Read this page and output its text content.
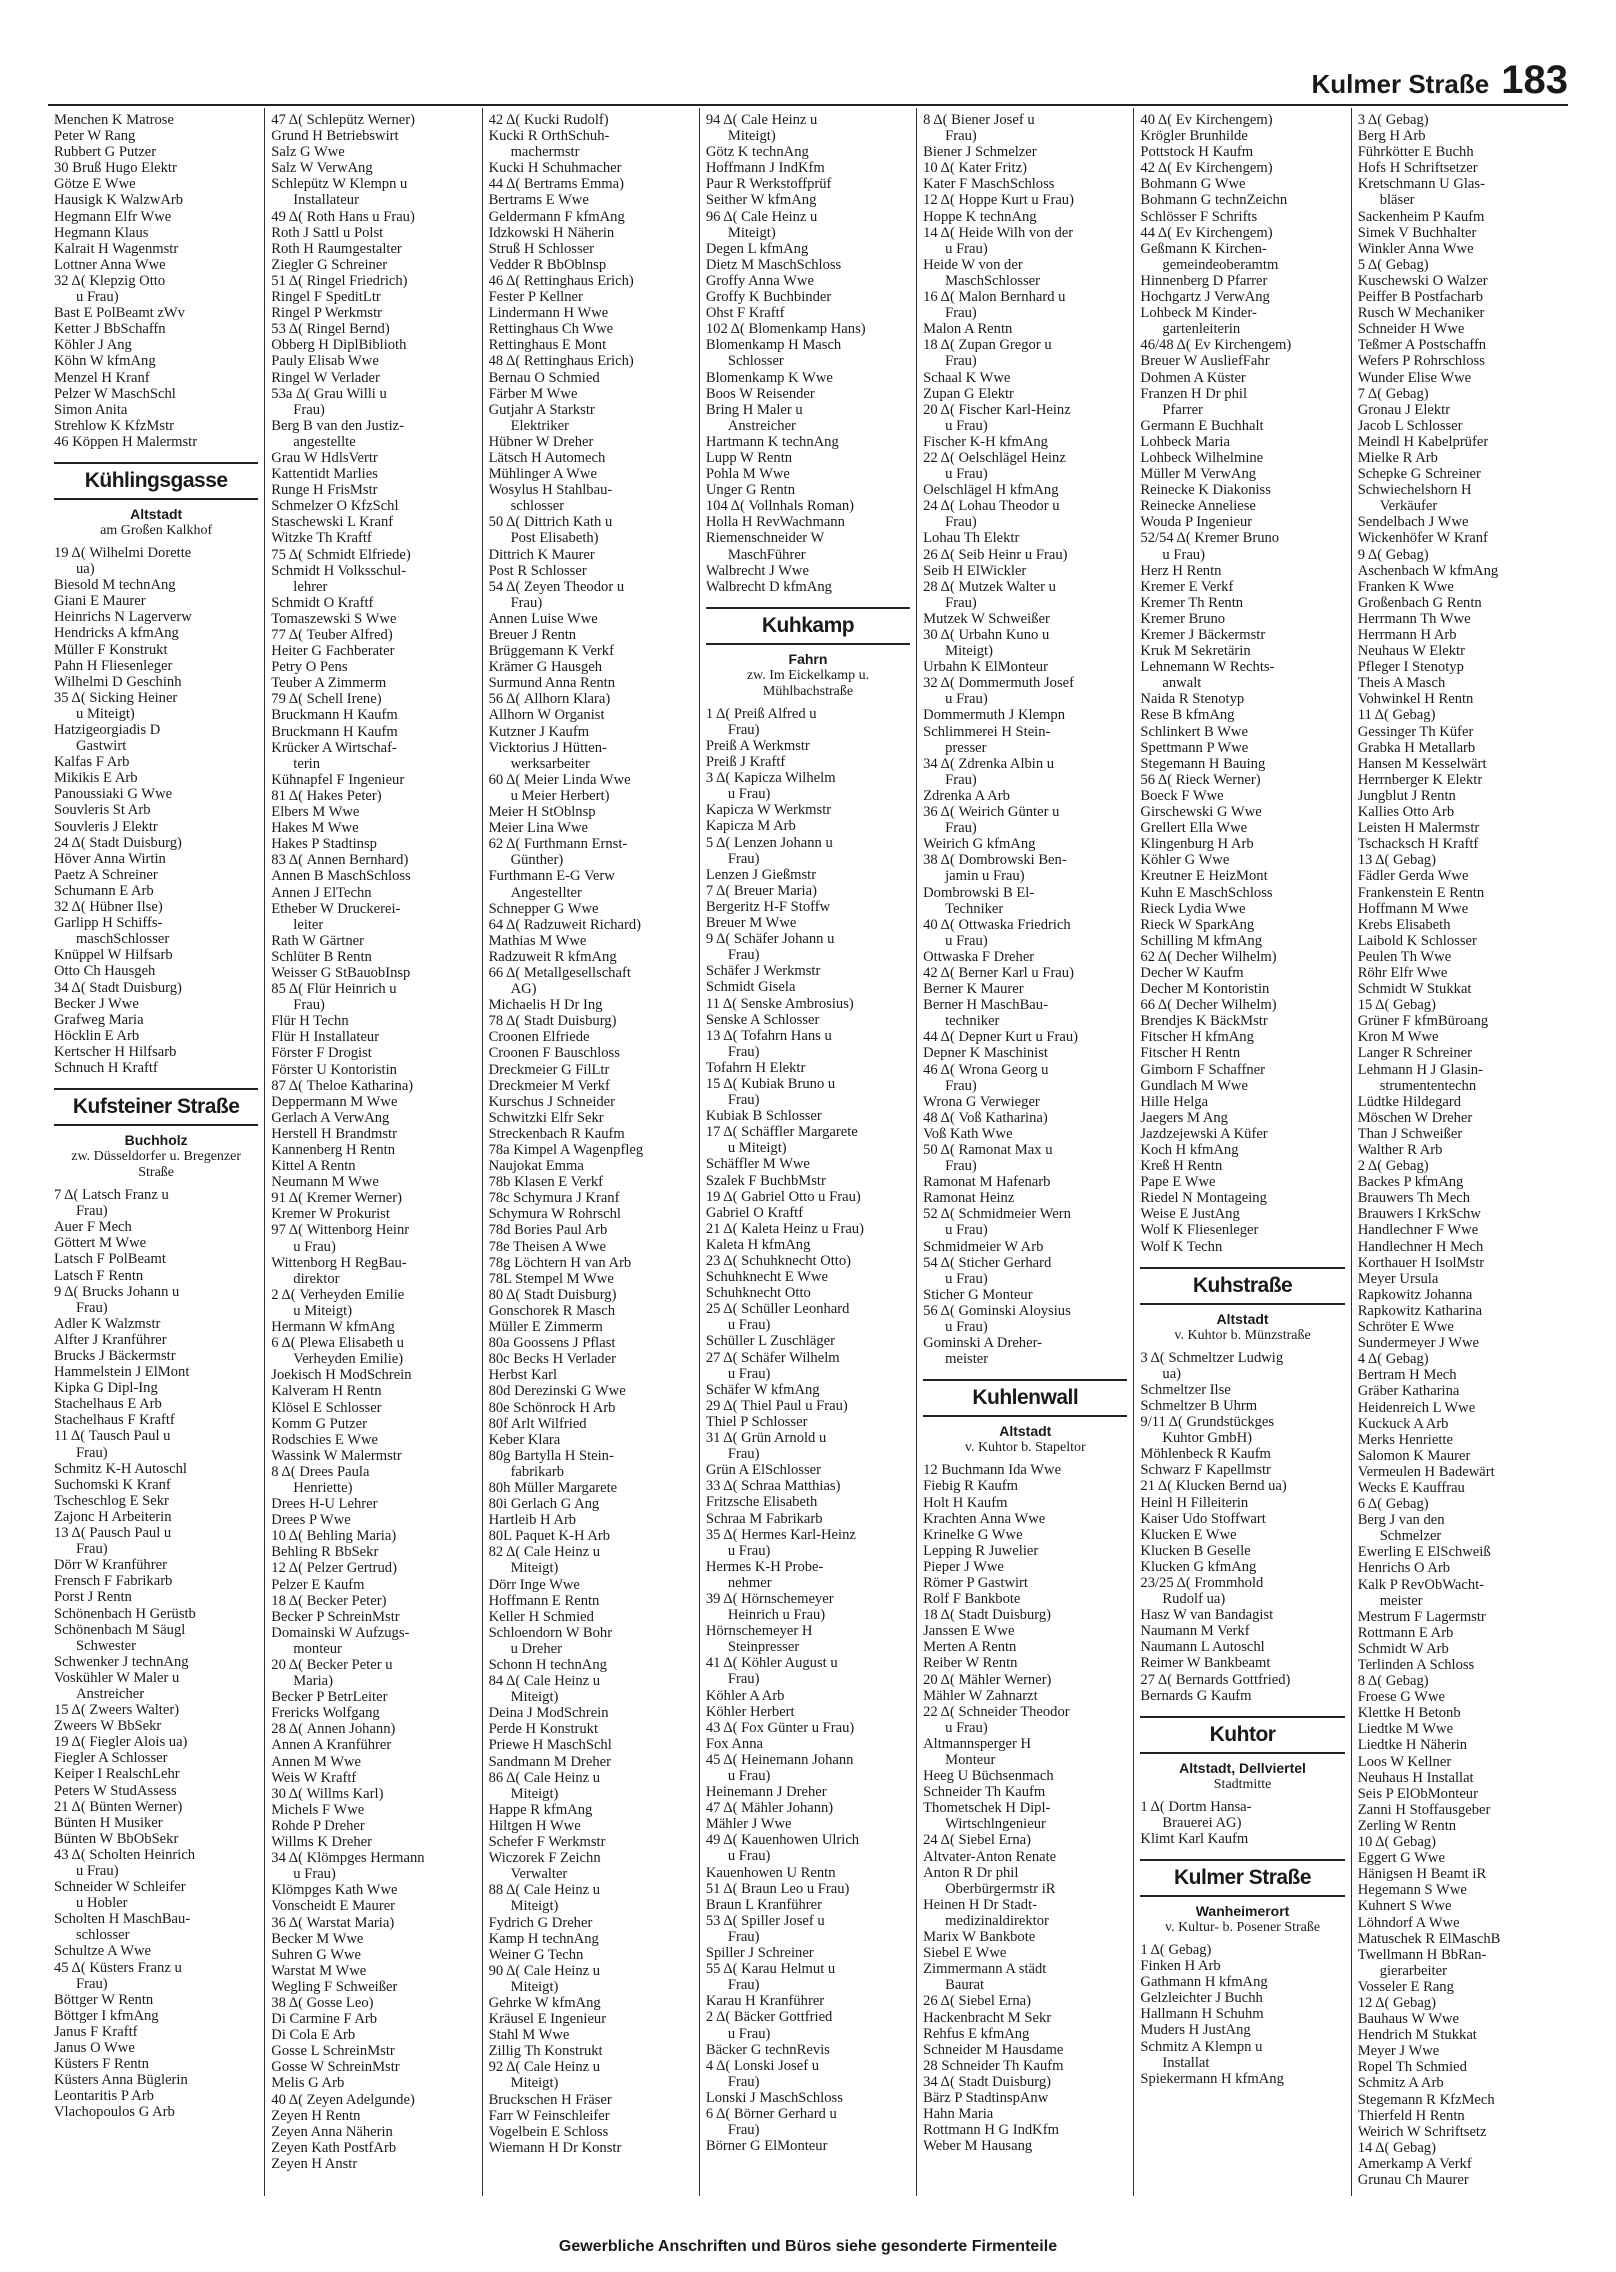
Kulmer Straße 183
Menchen K Matrose
Peter W Rang
Rubbert G Putzer
30 Bruß Hugo Elektr
Götze E Wwe
Hausigk K WalzwArb
Hegmann Elfr Wwe
Hegmann Klaus
Kalrait H Wagenmstr
Lottner Anna Wwe
32 Δ( Klepzig Otto
u Frau)
Bast E PolBeamt zWv
Ketter J BbSchaffn
Köhler J Ang
Köhn W kfmAng
Menzel H Kranf
Pelzer W MaschSchl
Simon Anita
Strehlow K KfzMstr
46 Köppen H Malermstr
Kühlingsgasse
Altstadt
am Großen Kalkhof
19 Δ( Wilhelmi Dorette
ua)
Biesold M technAng
Giani E Maurer
Heinrichs N Lagerverw
Hendricks A kfmAng
Müller F Konstrukt
Pahn H Fliesenleger
Wilhelmi D Geschinh
35 Δ( Sicking Heiner
u Miteigt)
Hatzigeorgiadis D
Gastwirt
Kalfas F Arb
Mikikis E Arb
Panoussiaki G Wwe
Souvleris St Arb
Souvleris J Elektr
24 Δ( Stadt Duisburg)
Höver Anna Wirtin
Paetz A Schreiner
Schumann E Arb
32 Δ( Hübner Ilse)
Garlipp H Schiffs-
maschSchlosser
Knüppel W Hilfsarb
Otto Ch Hausgeh
34 Δ( Stadt Duisburg)
Becker J Wwe
Grafweg Maria
Höcklin E Arb
Kertscher H Hilfsarb
Schnuch H Kraftf
Kufsteiner Straße
Buchholz
zw. Düsseldorfer u. Bregenzer Straße
7 Δ( Latsch Franz u
Frau)
Auer F Mech
Göttert M Wwe
Latsch F PolBeamt
Latsch F Rentn
9 Δ( Brucks Johann u
Frau)
Adler K Walzmstr
Alfter J Kranführer
Brucks J Bäckermstr
Hammelstein J ElMont
Kipka G Dipl-Ing
Stachelhaus E Arb
Stachelhaus F Kraftf
11 Δ( Tausch Paul u
Frau)
Schmitz K-H Autoschl
Suchomski K Kranf
Tscheschlog E Sekr
Zajonc H Arbeiterin
13 Δ( Pausch Paul u
Frau)
Dörr W Kranführer
Frensch F Fabrikarb
Porst J Rentn
Schönenbach H Gerüstb
Schönenbach M Säugl
Schwester
Schwenker J technAng
Voskühler W Maler u
Anstreicher
15 Δ( Zweers Walter)
Zweers W BbSekr
19 Δ( Fiegler Alois ua)
Fiegler A Schlosser
Keiper I RealschLehr
Peters W StudAssess
21 Δ( Bünten Werner)
Bünten H Musiker
Bünten W BbObSekr
43 Δ( Scholten Heinrich
u Frau)
Schneider W Schleifer
u Hobler
Scholten H MaschBau-
schlosser
Schultze A Wwe
45 Δ( Küsters Franz u
Frau)
Böttger W Rentn
Böttger I kfmAng
Janus F Kraftf
Janus O Wwe
Küsters F Rentn
Küsters Anna Büglerin
Leontaritis P Arb
Vlachopoulos G Arb
47 Δ( Schlepütz Werner)
Grund H Betriebswirt
Salz G Wwe
Salz W VerwAng
Schlepütz W Klempn u
Installateur
49 Δ( Roth Hans u Frau)
Roth J Sattl u Polst
Roth H Raumgestalter
Ziegler G Schreiner
51 Δ( Ringel Friedrich)
Ringel F SpeditLtr
Ringel P Werkmstr
53 Δ( Ringel Bernd)
Obberg H DiplBiblioth
Pauly Elisab Wwe
Ringel W Verlader
53a Δ( Grau Willi u
Frau)
Berg B van den Justiz-
angestellte
Grau W HdlsVertr
Kattentidt Marlies
Runge H FrisMstr
Schmelzer O KfzSchl
Staschewski L Kranf
Witzke Th Kraftf
75 Δ( Schmidt Elfriede)
Schmidt H Volksschul-
lehrer
Schmidt O Kraftf
Tomaszewski S Wwe
77 Δ( Teuber Alfred)
Heiter G Fachberater
Petry O Pens
Teuber A Zimmerm
79 Δ( Schell Irene)
Bruckmann H Kaufm
Bruckmann H Kaufm
Krücker A Wirtschaf-
terin
Kühnapfel F Ingenieur
81 Δ( Hakes Peter)
Elbers M Wwe
Hakes M Wwe
Hakes P Stadtinsp
83 Δ( Annen Bernhard)
Annen B MaschSchloss
Annen J ElTechn
Etheber W Druckerei-
leiter
Rath W Gärtner
Schlüter B Rentn
Weisser G StBauobInsp
85 Δ( Flür Heinrich u
Frau)
Flür H Techn
Flür H Installateur
Förster F Drogist
Förster U Kontoristin
87 Δ( Theloe Katharina)
Deppermann M Wwe
Gerlach A VerwAng
Herstell H Brandmstr
Kannenberg H Rentn
Kittel A Rentn
Neumann M Wwe
91 Δ( Kremer Werner)
Kremer W Prokurist
97 Δ( Wittenborg Heinr
u Frau)
Wittenborg H RegBau-
direktor
2 Δ( Verheyden Emilie
u Miteigt)
Hermann W kfmAng
6 Δ( Plewa Elisabeth u
Verheyden Emilie)
Joekisch H ModSchrein
Kalveram H Rentn
Klösel E Schlosser
Komm G Putzer
Rodschies E Wwe
Wassink W Malermstr
8 Δ( Drees Paula
Henriette)
Drees H-U Lehrer
Drees P Wwe
10 Δ( Behling Maria)
Behling R BbSekr
12 Δ( Pelzer Gertrud)
Pelzer E Kaufm
18 Δ( Becker Peter)
Becker P SchreinMstr
Domainski W Aufzugs-
monteur
20 Δ( Becker Peter u
Maria)
Becker P BetrLeiter
Frericks Wolfgang
28 Δ( Annen Johann)
Annen A Kranführer
Annen M Wwe
Weis W Kraftf
30 Δ( Willms Karl)
Michels F Wwe
Rohde P Dreher
Willms K Dreher
34 Δ( Klömpges Hermann
u Frau)
Klömpges Kath Wwe
Vonscheidt E Maurer
36 Δ( Warstat Maria)
Becker M Wwe
Suhren G Wwe
Warstat M Wwe
Wegling F Schweißer
38 Δ( Gosse Leo)
Di Carmine F Arb
Di Cola E Arb
Gosse L SchreinMstr
Gosse W SchreinMstr
Melis G Arb
40 Δ( Zeyen Adelgunde)
Zeyen H Rentn
Zeyen Anna Näherin
Zeyen Kath PostfArb
Zeyen H Anstr
42 Δ( Kucki Rudolf)
Kucki R OrthSchuh-
machermstr
Kucki H Schuhmacher
44 Δ( Bertrams Emma)
Bertrams E Wwe
Geldermann F kfmAng
Idzkowski H Näherin
Struß H Schlosser
Vedder R BbOblnsp
46 Δ( Rettinghaus Erich)
Fester P Kellner
Lindermann H Wwe
Rettinghaus Ch Wwe
Rettinghaus E Mont
48 Δ( Rettinghaus Erich)
Bernau O Schmied
Färber M Wwe
Gutjahr A Starkstr
Elektriker
Hübner W Dreher
Lätsch H Automech
Mühlinger A Wwe
Wosylus H Stahlbau-
schlosser
50 Δ( Dittrich Kath u
Post Elisabeth)
Dittrich K Maurer
Post R Schlosser
54 Δ( Zeyen Theodor u
Frau)
Annen Luise Wwe
Breuer J Rentn
Brüggemann K Verkf
Krämer G Hausgeh
Surmund Anna Rentn
56 Δ( Allhorn Klara)
Allhorn W Organist
Kutzner J Kaufm
Vicktorius J Hütten-
werksarbeiter
60 Δ( Meier Linda Wwe
u Meier Herbert)
Meier H StOblnsp
Meier Lina Wwe
62 Δ( Furthmann Ernst-
Günther)
Furthmann E-G Verw
Angestellter
Schnepper G Wwe
64 Δ( Radzuweit Richard)
Mathias M Wwe
Radzuweit R kfmAng
66 Δ( Metallgesellschaft
AG)
Michaelis H Dr Ing
78 Δ( Stadt Duisburg)
Croonen Elfriede
Croonen F Bauschloss
Dreckmeier G FilLtr
Dreckmeier M Verkf
Kurschus J Schneider
Schwitzki Elfr Sekr
Streckenbach R Kaufm
78a Kimpel A Wagenpfleg
Naujokat Emma
78b Klasen E Verkf
78c Schymura J Kranf
Schymura W Rohrschl
78d Bories Paul Arb
78e Theisen A Wwe
78g Löchtern H van Arb
78L Stempel M Wwe
80 Δ( Stadt Duisburg)
Gonschorek R Masch
Müller E Zimmerm
80a Goossens J Pflast
80c Becks H Verlader
Herbst Karl
80d Derezinski G Wwe
80e Schönrock H Arb
80f Arlt Wilfried
Keber Klara
80g Bartylla H Stein-
fabrikarb
80h Müller Margarete
80i Gerlach G Ang
Hartleib H Arb
80L Paquet K-H Arb
82 Δ( Cale Heinz u
Miteigt)
Dörr Inge Wwe
Hoffmann E Rentn
Keller H Schmied
Schloendorn W Bohr
u Dreher
Schonn H technAng
84 Δ( Cale Heinz u
Miteigt)
Deina J ModSchrein
Perde H Konstrukt
Priewe H MaschSchl
Sandmann M Dreher
86 Δ( Cale Heinz u
Miteigt)
Happe R kfmAng
Hiltgen H Wwe
Schefer F Werkmstr
Wiczorek F Zeichn
Verwalter
88 Δ( Cale Heinz u
Miteigt)
Fydrich G Dreher
Kamp H technAng
Weiner G Techn
90 Δ( Cale Heinz u
Miteigt)
Gehrke W kfmAng
Kräusel E Ingenieur
Stahl M Wwe
Zillig Th Konstrukt
92 Δ( Cale Heinz u
Miteigt)
Bruckschen H Fräser
Farr W Feinschleifer
Vogelbein E Schloss
Wiemann H Dr Konstr
94 Δ( Cale Heinz u
Miteigt)
Götz K technAng
Hoffmann J IndKfm
Paur R Werkstoffprüf
Seither W kfmAng
96 Δ( Cale Heinz u
Miteigt)
Degen L kfmAng
Dietz M MaschSchloss
Groffy Anna Wwe
Groffy K Buchbinder
Ohst F Kraftf
102 Δ( Blomenkamp Hans)
Blomenkamp H Masch
Schlosser
Blomenkamp K Wwe
Boos W Reisender
Bring H Maler u
Anstreicher
Hartmann K technAng
Lupp W Rentn
Pohla M Wwe
Unger G Rentn
104 Δ( Vollnhals Roman)
Holla H RevWachmann
Riemenschneider W
MaschFührer
Walbrecht J Wwe
Walbrecht D kfmAng
Kuhkamp
Fahrn
zw. Im Eickelkamp u. Mühlbachstraße
1 Δ( Preiß Alfred u
Frau)
Preiß A Werkmstr
Preiß J Kraftf
3 Δ( Kapicza Wilhelm
u Frau)
Kapicza W Werkmstr
Kapicza M Arb
5 Δ( Lenzen Johann u
Frau)
Lenzen J Gießmstr
7 Δ( Breuer Maria)
Bergeritz H-F Stoffw
Breuer M Wwe
9 Δ( Schäfer Johann u
Frau)
Schäfer J Werkmstr
Schmidt Gisela
11 Δ( Senske Ambrosius)
Senske A Schlosser
13 Δ( Tofahrn Hans u
Frau)
Tofahrn H Elektr
15 Δ( Kubiak Bruno u
Frau)
Kubiak B Schlosser
17 Δ( Schäffler Margarete
u Miteigt)
Schäffler M Wwe
Szalek F BuchbMstr
19 Δ( Gabriel Otto u Frau)
Gabriel O Kraftf
21 Δ( Kaleta Heinz u Frau)
Kaleta H kfmAng
23 Δ( Schuhknecht Otto)
Schuhknecht E Wwe
Schuhknecht Otto
25 Δ( Schüller Leonhard
u Frau)
Schüller L Zuschläger
27 Δ( Schäfer Wilhelm
u Frau)
Schäfer W kfmAng
29 Δ( Thiel Paul u Frau)
Thiel P Schlosser
31 Δ( Grün Arnold u
Frau)
Grün A ElSchlosser
33 Δ( Schraa Matthias)
Fritzsche Elisabeth
Schraa M Fabrikarb
35 Δ( Hermes Karl-Heinz
u Frau)
Hermes K-H Probe-
nehmer
39 Δ( Hörnschemeyer
Heinrich u Frau)
Hörnschemeyer H
Steinpresser
41 Δ( Köhler August u
Frau)
Köhler A Arb
Köhler Herbert
43 Δ( Fox Günter u Frau)
Fox Anna
45 Δ( Heinemann Johann
u Frau)
Heinemann J Dreher
47 Δ( Mähler Johann)
Mähler J Wwe
49 Δ( Kauenhowen Ulrich
u Frau)
Kauenhowen U Rentn
51 Δ( Braun Leo u Frau)
Braun L Kranführer
53 Δ( Spiller Josef u
Frau)
Spiller J Schreiner
55 Δ( Karau Helmut u
Frau)
Karau H Kranführer
2 Δ( Bäcker Gottfried
u Frau)
Bäcker G technRevis
4 Δ( Lonski Josef u
Frau)
Lonski J MaschSchloss
6 Δ( Börner Gerhard u
Frau)
Börner G ElMonteur
8 Δ( Biener Josef u
Frau)
Biener J Schmelzer
10 Δ( Kater Fritz)
Kater F MaschSchloss
12 Δ( Hoppe Kurt u Frau)
Hoppe K technAng
14 Δ( Heide Wilh von der
u Frau)
Heide W von der
MaschSchlosser
16 Δ( Malon Bernhard u
Frau)
Malon A Rentn
18 Δ( Zupan Gregor u
Frau)
Schaal K Wwe
Zupan G Elektr
20 Δ( Fischer Karl-Heinz
u Frau)
Fischer K-H kfmAng
22 Δ( Oelschlägel Heinz
u Frau)
Oelschlägel H kfmAng
24 Δ( Lohau Theodor u
Frau)
Lohau Th Elektr
26 Δ( Seib Heinr u Frau)
Seib H ElWickler
28 Δ( Mutzek Walter u
Frau)
Mutzek W Schweißer
30 Δ( Urbahn Kuno u
Miteigt)
Urbahn K ElMonteur
32 Δ( Dommermuth Josef
u Frau)
Dommermuth J Klempn
Schlimmerei H Stein-
presser
34 Δ( Zdrenka Albin u
Frau)
Zdrenka A Arb
36 Δ( Weirich Günter u
Frau)
Weirich G kfmAng
38 Δ( Dombrowski Ben-
jamin u Frau)
Dombrowski B El-
Techniker
40 Δ( Ottwaska Friedrich
u Frau)
Ottwaska F Dreher
42 Δ( Berner Karl u Frau)
Berner K Maurer
Berner H MaschBau-
techniker
44 Δ( Depner Kurt u Frau)
Depner K Maschinist
46 Δ( Wrona Georg u
Frau)
Wrona G Verwieger
48 Δ( Voß Katharina)
Voß Kath Wwe
50 Δ( Ramonat Max u
Frau)
Ramonat M Hafenarb
Ramonat Heinz
52 Δ( Schmidmeier Wern
u Frau)
Schmidmeier W Arb
54 Δ( Sticher Gerhard
u Frau)
Sticher G Monteur
56 Δ( Gominski Aloysius
u Frau)
Gominski A Dreher-
meister
Kuhlenwall
Altstadt
v. Kuhtor b. Stapeltor
12 Buchmann Ida Wwe
Fiebig R Kaufm
Holt H Kaufm
Krachten Anna Wwe
Krinelke G Wwe
Lepping R Juwelier
Pieper J Wwe
Römer P Gastwirt
Rolf F Bankbote
18 Δ( Stadt Duisburg)
Janssen E Wwe
Merten A Rentn
Reiber W Rentn
20 Δ( Mähler Werner)
Mähler W Zahnarzt
22 Δ( Schneider Theodor
u Frau)
Altmannsperger H
Monteur
Heeg U Büchsenmach
Schneider Th Kaufm
Thometschek H Dipl-
Wirtschlngenieur
24 Δ( Siebel Erna)
Altvater-Anton Renate
Anton R Dr phil
Oberbürgermstr iR
Heinen H Dr Stadt-
medizinaldirektor
Marix W Bankbote
Siebel E Wwe
Zimmermann A städt
Baurat
26 Δ( Siebel Erna)
Hackenbracht M Sekr
Rehfus E kfmAng
Schneider M Hausdame
28 Schneider Th Kaufm
34 Δ( Stadt Duisburg)
Bärz P StadtinspAnw
Hahn Maria
Rottmann H G IndKfm
Weber M Hausang
40 Δ( Ev Kirchengem)
Krögler Brunhilde
Pottstock H Kaufm
42 Δ( Ev Kirchengem)
Bohmann G Wwe
Bohmann G technZeichn
Schlösser F Schrifts
44 Δ( Ev Kirchengem)
Geßmann K Kirchen-
gemeindeoberamtm
Hinnenberg D Pfarrer
Hochgartz J VerwAng
Lohbeck M Kinder-
gartenleiterin
46/48 Δ( Ev Kirchengem)
Breuer W AusliefFahr
Dohmen A Küster
Franzen H Dr phil
Pfarrer
Germann E Buchhalt
Lohbeck Maria
Lohbeck Wilhelmine
Müller M VerwAng
Reinecke K Diakoniss
Reinecke Anneliese
Wouda P Ingenieur
52/54 Δ( Kremer Bruno
u Frau)
Herz H Rentn
Kremer E Verkf
Kremer Th Rentn
Kremer Bruno
Kremer J Bäckermstr
Kruk M Sekretärin
Lehnemann W Rechts-
anwalt
Naida R Stenotyp
Rese B kfmAng
Schlinkert B Wwe
Spettmann P Wwe
Stegemann H Bauing
56 Δ( Rieck Werner)
Boeck F Wwe
Girschewski G Wwe
Grellert Ella Wwe
Klingenburg H Arb
Köhler G Wwe
Kreutner E HeizMont
Kuhn E MaschSchloss
Rieck Lydia Wwe
Rieck W SparkAng
Schilling M kfmAng
62 Δ( Decher Wilhelm)
Decher W Kaufm
Decher M Kontoristin
66 Δ( Decher Wilhelm)
Brendjes K BäckMstr
Fitscher H kfmAng
Fitscher H Rentn
Gimborn F Schaffner
Gundlach M Wwe
Hille Helga
Jaegers M Ang
Jazdzejewski A Küfer
Koch H kfmAng
Kreß H Rentn
Pape E Wwe
Riedel N Montageing
Weise E JustAng
Wolf K Fliesenleger
Wolf K Techn
Kuhstraße
Altstadt
v. Kuhtor b. Münzstraße
3 Δ( Schmeltzer Ludwig
ua)
Schmeltzer Ilse
Schmeltzer B Uhrm
9/11 Δ( Grundstückges
Kuhtor GmbH)
Möhlenbeck R Kaufm
Schwarz F Kapellmstr
21 Δ( Klucken Bernd ua)
Heinl H Filleiterin
Kaiser Udo Stoffwart
Klucken E Wwe
Klucken B Geselle
Klucken G kfmAng
23/25 Δ( Frommhold
Rudolf ua)
Hasz W van Bandagist
Naumann M Verkf
Naumann L Autoschl
Reimer W Bankbeamt
27 Δ( Bernards Gottfried)
Bernards G Kaufm
Kuhtor
Altstadt, Dellviertel
Stadtmitte
1 Δ( Dortm Hansa-
Brauerei AG)
Klimt Karl Kaufm
Kulmer Straße
Wanheimerort
v. Kultur- b. Posener Straße
1 Δ( Gebag)
Finken H Arb
Gathmann H kfmAng
Gelzleichter J Buchh
Hallmann H Schuhm
Muders H JustAng
Schmitz A Klempn u
Installat
Spiekermann H kfmAng
3 Δ( Gebag)
Berg H Arb
Führkötter E Buchh
Hofs H Schriftsetzer
Kretschmann U Glas-
bläser
Sackenheim P Kaufm
Simek V Buchhalter
Winkler Anna Wwe
5 Δ( Gebag)
Kuschewski O Walzer
Peiffer B Postfacharb
Rusch W Mechaniker
Schneider H Wwe
Teßmer A Postschaffn
Wefers P Rohrschloss
Wunder Elise Wwe
7 Δ( Gebag)
Gronau J Elektr
Jacob L Schlosser
Meindl H Kabelprüfer
Mielke R Arb
Schepke G Schreiner
Schwiechelshorn H
Verkäufer
Sendelbach J Wwe
Wickenhöfer W Kranf
9 Δ( Gebag)
Aschenbach W kfmAng
Franken K Wwe
Großenbach G Rentn
Herrmann Th Wwe
Herrmann H Arb
Neuhaus W Elektr
Pfleger I Stenotyp
Theis A Masch
Vohwinkel H Rentn
11 Δ( Gebag)
Gessinger Th Küfer
Grabka H Metallarb
Hansen M Kesselwärt
Herrnberger K Elektr
Jungblut J Rentn
Kallies Otto Arb
Leisten H Malermstr
Tschacksch H Kraftf
13 Δ( Gebag)
Fädler Gerda Wwe
Frankenstein E Rentn
Hoffmann M Wwe
Krebs Elisabeth
Laibold K Schlosser
Peulen Th Wwe
Röhr Elfr Wwe
Schmidt W Stukkat
15 Δ( Gebag)
Grüner F kfmBüroang
Kron M Wwe
Langer R Schreiner
Lehmann H J Glasin-
strumententechn
Lüdtke Hildegard
Möschen W Dreher
Than J Schweißer
Walther R Arb
2 Δ( Gebag)
Backes P kfmAng
Brauwers Th Mech
Brauwers I KrkSchw
Handlechner F Wwe
Handlechner H Mech
Korthauer H IsolMstr
Meyer Ursula
Rapkowitz Johanna
Rapkowitz Katharina
Schröter E Wwe
Sundermeyer J Wwe
4 Δ( Gebag)
Bertram H Mech
Gräber Katharina
Heidenreich L Wwe
Kuckuck A Arb
Merks Henriette
Salomon K Maurer
Vermeulen H Badewärt
Wecks E Kauffrau
6 Δ( Gebag)
Berg J van den
Schmelzer
Ewerling E ElSchweiß
Henrichs O Arb
Kalk P RevObWacht-
meister
Mestrum F Lagermstr
Rottmann E Arb
Schmidt W Arb
Terlinden A Schloss
8 Δ( Gebag)
Froese G Wwe
Klettke H Betonb
Liedtke M Wwe
Liedtke H Näherin
Loos W Kellner
Neuhaus H Installat
Seis P ElObMonteur
Zanni H Stoffausgeber
Zerling W Rentn
10 Δ( Gebag)
Eggert G Wwe
Hänigsen H Beamt iR
Hegemann S Wwe
Kuhnert S Wwe
Löhndorf A Wwe
Matuschek R ElMaschB
Twellmann H BbRan-
gierarbeiter
Vosseler E Rang
12 Δ( Gebag)
Bauhaus W Wwe
Hendrich M Stukkat
Meyer J Wwe
Ropel Th Schmied
Schmitz A Arb
Stegemann R KfzMech
Thierfeld H Rentn
Weirich W Schriftsetz
14 Δ( Gebag)
Amerkamp A Verkf
Grunau Ch Maurer
Gewerbliche Anschriften und Büros siehe gesonderte Firmenteile
